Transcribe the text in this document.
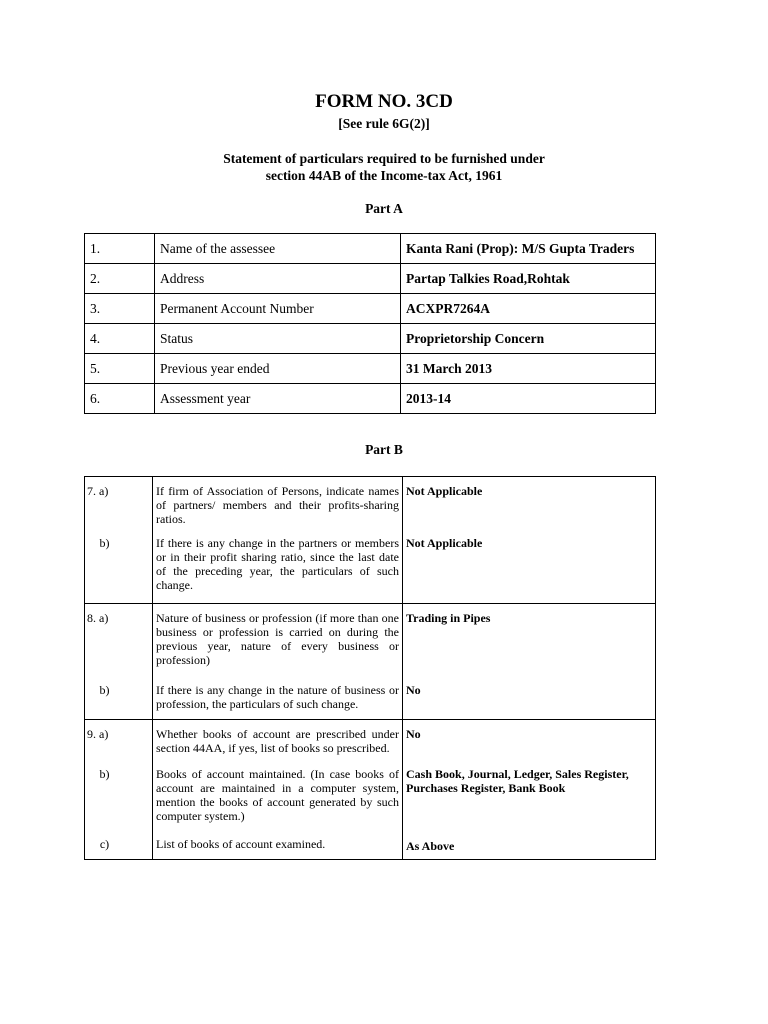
FORM NO. 3CD
[See rule 6G(2)]
Statement of particulars required to be furnished under
section 44AB of the Income-tax Act, 1961
Part A
1.	Name of the assessee	Kanta Rani (Prop): M/S Gupta Traders
2.	Address	Partap Talkies Road,Rohtak
3.	Permanent Account Number	ACXPR7264A
4.	Status	Proprietorship Concern
5.	Previous year ended	31 March 2013
6.	Assessment year	2013-14
Part B
7. a)	If firm of Association of Persons, indicate names of partners/ members and their profits-sharing ratios.	Not Applicable
b)	If there is any change in the partners or members or in their profit sharing ratio, since the last date of the preceding year, the particulars of such change.	Not Applicable
8. a)	Nature of business or profession (if more than one business or profession is carried on during the previous year, nature of every business or profession)	Trading in Pipes
b)	If there is any change in the nature of business or profession, the particulars of such change.	No
9. a)	Whether books of account are prescribed under section 44AA, if yes, list of books so prescribed.	No
b)	Books of account maintained. (In case books of account are maintained in a computer system, mention the books of account generated by such computer system.)	Cash Book, Journal, Ledger, Sales Register, Purchases Register, Bank Book
c)	List of books of account examined.	As Above
